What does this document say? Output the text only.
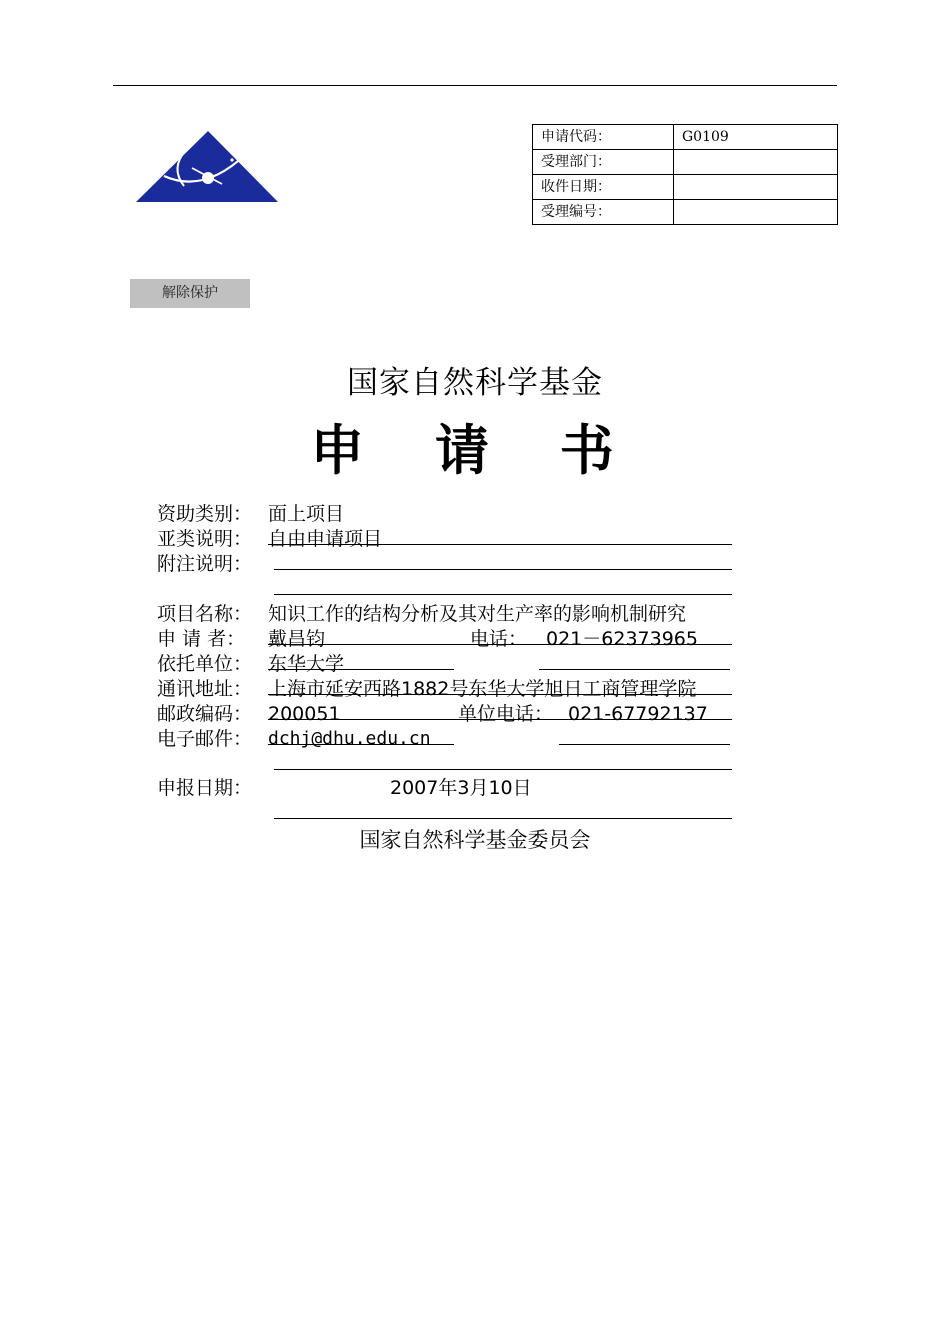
申请代码：	G0109
受理部门：	
收件日期：	
受理编号：	
解除保护
国家自然科学基金
申 请 书
资助类别： 面上项目
亚类说明： 自由申请项目
附注说明：
项目名称： 知识工作的结构分析及其对生产率的影响机制研究
申 请 者： 戴昌钧	电话： 021－62373965
依托单位： 东华大学
通讯地址： 上海市延安西路1882号东华大学旭日工商管理学院
邮政编码： 200051	单位电话： 021-67792137
电子邮件： dchj@dhu.edu.cn
申报日期：	2007年3月10日
国家自然科学基金委员会
